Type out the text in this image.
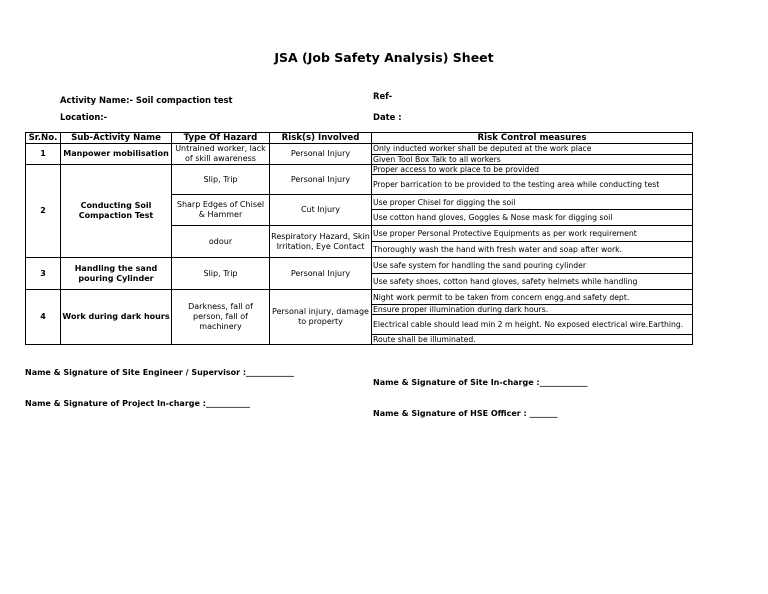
JSA (Job Safety Analysis) Sheet
Activity Name:- Soil compaction test
Location:-
Ref-
Date :
Sr.No.	Sub-Activity Name	Type Of Hazard	Risk(s) Involved	Risk Control measures
1	Manpower mobilisation	Untrained worker, lack of skill awareness	Personal Injury	Only inducted worker shall be deputed at the work place
				Given Tool Box Talk to all workers
2	Conducting Soil Compaction Test	Slip, Trip	Personal Injury	Proper access to work place to be provided
				Proper barrication to be provided to the testing area while conducting test
		Sharp Edges of Chisel & Hammer	Cut Injury	Use proper Chisel for digging the soil
				Use cotton hand gloves, Goggles & Nose mask for digging soil
		odour	Respiratory Hazard, Skin Irritation, Eye Contact	Use proper Personal Protective Equipments as per work requirement
				Thoroughly wash the hand with fresh water and soap after work.
3	Handling the sand pouring Cylinder	Slip, Trip	Personal Injury	Use safe system for handling the sand pouring cylinder
				Use safety shoes, cotton hand gloves, safety helmets while handling
4	Work during dark hours	Darkness, fall of person, fall of machinery	Personal injury, damage to property	Night work permit to be taken from concern engg.and safety dept.
				Ensure proper illumination during dark hours.
				Electrical cable should lead min 2 m height. No exposed electrical wire.Earthing.
				Route shall be illuminated.
Name & Signature of Site Engineer / Supervisor :____________
Name & Signature of Project In-charge :___________
Name & Signature of Site In-charge :____________
Name & Signature of HSE Officer : _______
